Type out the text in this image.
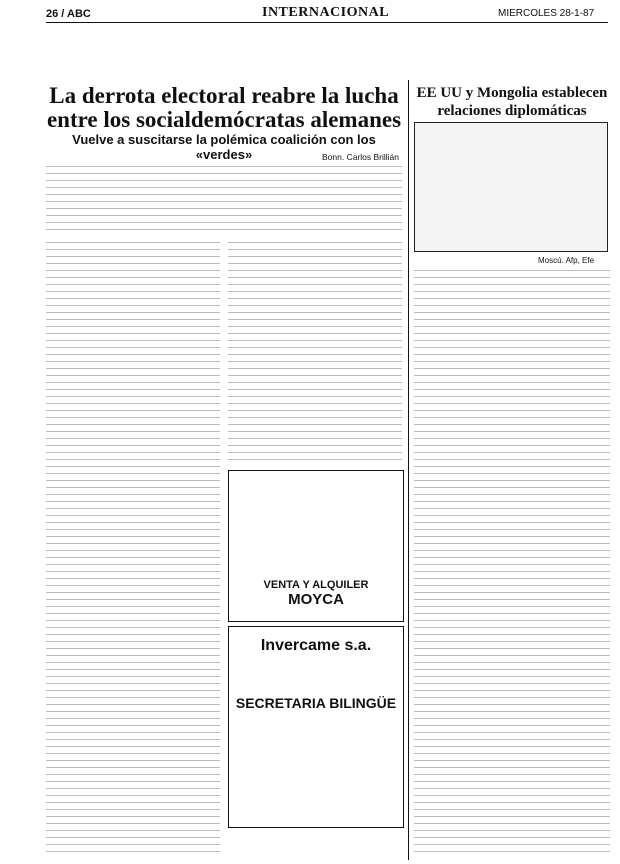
26 / ABC	INTERNACIONAL	MIERCOLES 28-1-87
La derrota electoral reabre la lucha entre los socialdemócratas alemanes
Vuelve a suscitarse la polémica coalición con los «verdes»	Bonn. Carlos Brillián
VENTA Y ALQUILER
MOYCA
Invercame s.a.
SECRETARIA BILINGÜE
EE UU y Mongolia establecen relaciones diplomáticas
Moscú. Afp, Efe
